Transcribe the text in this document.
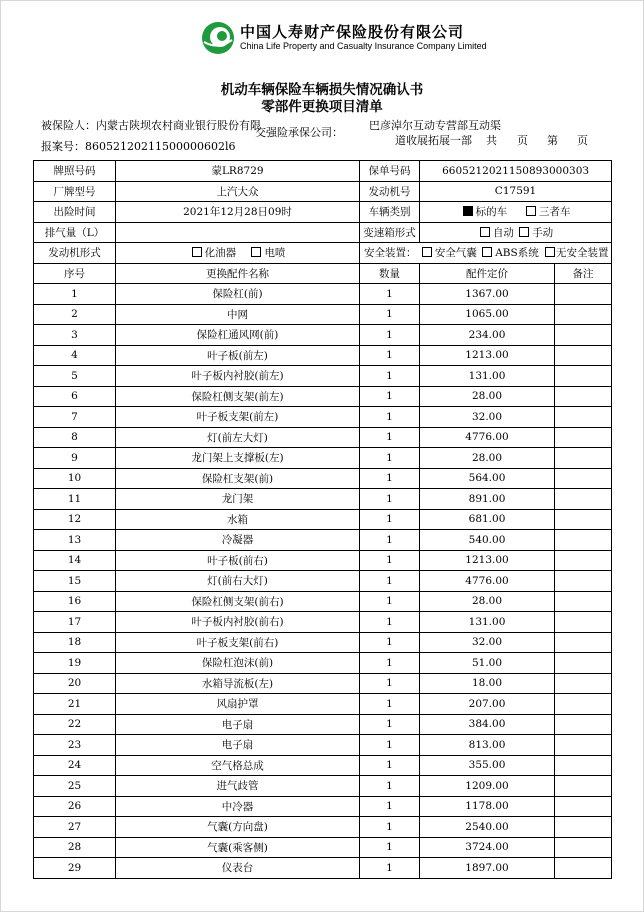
中国人寿财产保险股份有限公司
China Life Property and Casualty Insurance Company Limited
机动车辆保险车辆损失情况确认书
零部件更换项目清单
被保险人：内蒙古陕坝农村商业银行股份有限
交强险承保公司：
巴彦淖尔互动专营部互动渠
道收展拓展一部
报案号：86052120211500000602l6	共 页 第 页
牌照号码	蒙LR8729	保单号码	660521202115089300030З	
厂牌型号	上汽大众	发动机号	C17591	
出险时间	2021年12月28日09时	车辆类别	标的车 三者车	
排气量（L）		变速箱形式	自动 手动	
发动机形式	化油器 电喷	安全装置： 安全气囊 ABS系统 无安全装置		
序号	更换配件名称	数量	配件定价	备注
1	保险杠(前)	1	1367.00	
2	中网	1	1065.00	
3	保险杠通风网(前)	1	234.00	
4	叶子板(前左)	1	1213.00	
5	叶子板内衬胶(前左)	1	131.00	
6	保险杠侧支架(前左)	1	28.00	
7	叶子板支架(前左)	1	32.00	
8	灯(前左大灯)	1	4776.00	
9	龙门架上支撑板(左)	1	28.00	
10	保险杠支架(前)	1	564.00	
11	龙门架	1	891.00	
12	水箱	1	681.00	
13	冷凝器	1	540.00	
14	叶子板(前右)	1	1213.00	
15	灯(前右大灯)	1	4776.00	
16	保险杠侧支架(前右)	1	28.00	
17	叶子板内衬胶(前右)	1	131.00	
18	叶子板支架(前右)	1	32.00	
19	保险杠泡沫(前)	1	51.00	
20	水箱导流板(左)	1	18.00	
21	风扇护罩	1	207.00	
22	电子扇	1	384.00	
23	电子扇	1	813.00	
24	空气格总成	1	355.00	
25	进气歧管	1	1209.00	
26	中冷器	1	1178.00	
27	气囊(方向盘)	1	2540.00	
28	气囊(乘客侧)	1	3724.00	
29	仪表台	1	1897.00	
